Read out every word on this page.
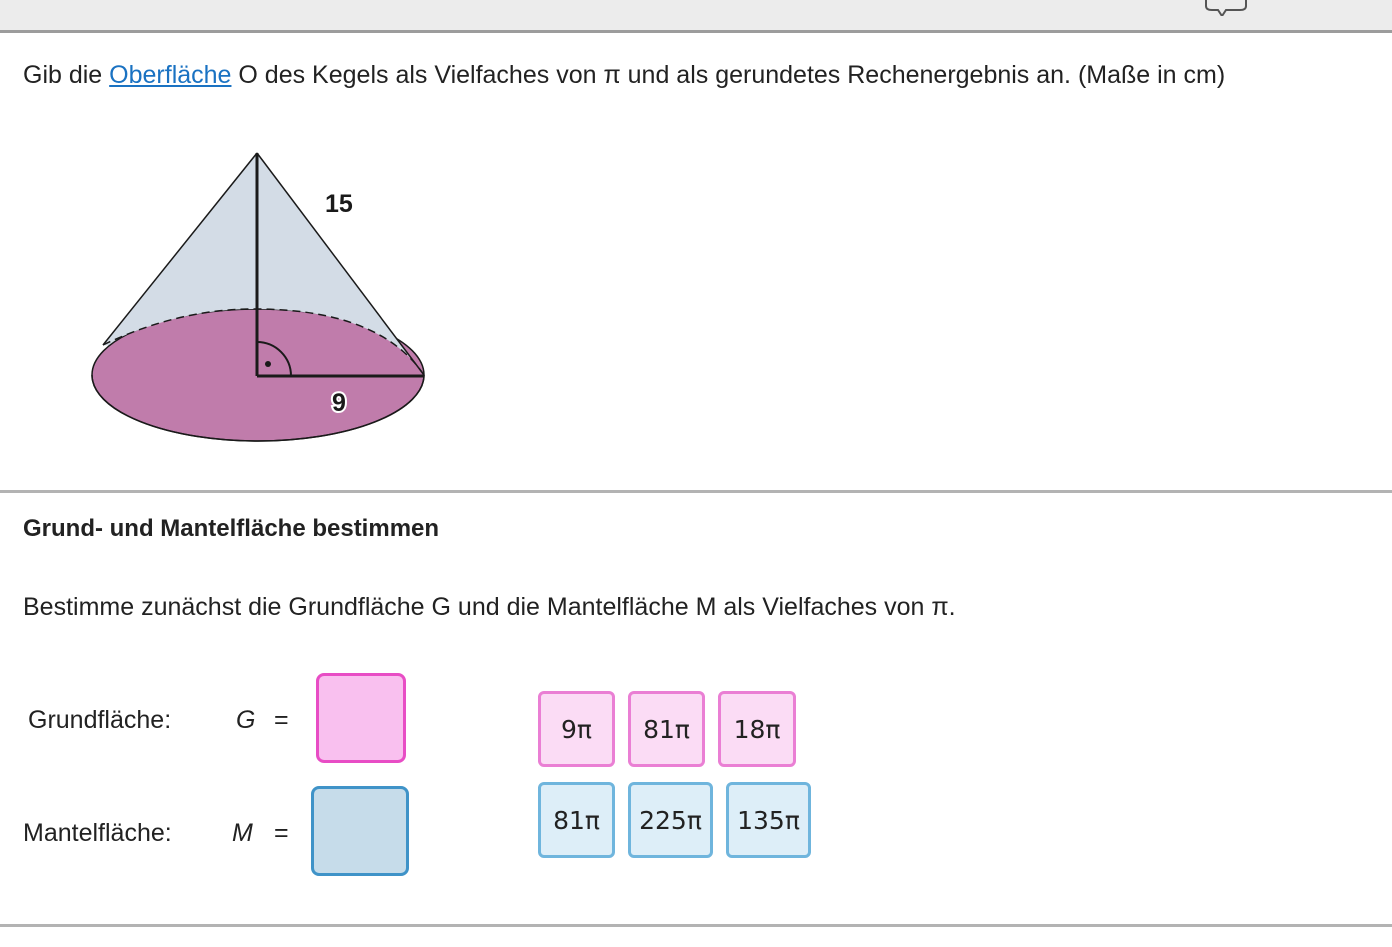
Gib die Oberfläche O des Kegels als Vielfaches von π und als gerundetes Rechenergebnis an. (Maße in cm)
15
9
Grund- und Mantelfläche bestimmen
Bestimme zunächst die Grundfläche G und die Mantelfläche M als Vielfaches von π.
Grundfläche:	G =
Mantelfläche: M =
9π	81π	18π
81π	225π	135π
